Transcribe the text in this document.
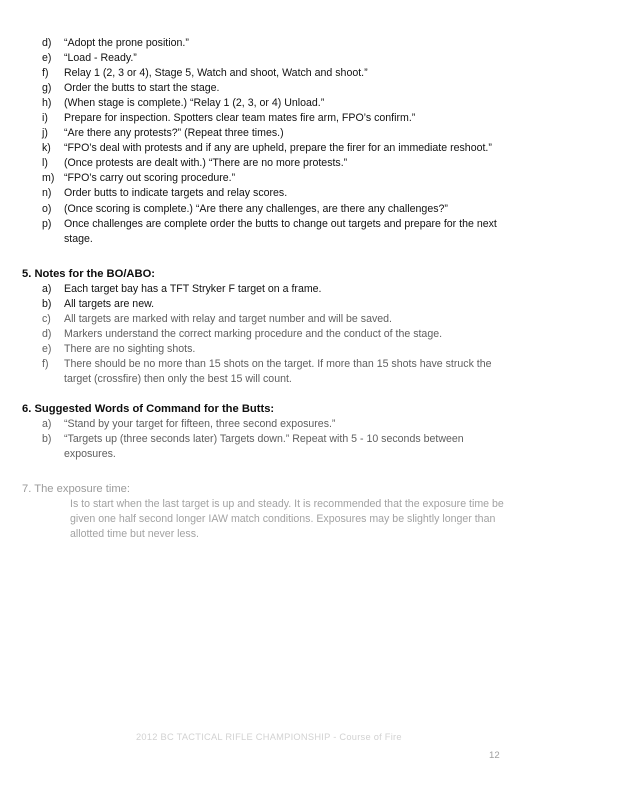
d)	“Adopt the prone position.”
e)	“Load - Ready.”
f)	Relay 1 (2, 3 or 4), Stage 5, Watch and shoot, Watch and shoot.”
g)	Order the butts to start the stage.
h)	(When stage is complete.) “Relay 1 (2, 3, or 4) Unload.”
i)	Prepare for inspection. Spotters clear team mates fire arm, FPO’s confirm.”
j)	“Are there any protests?” (Repeat three times.)
k)	“FPO’s deal with protests and if any are upheld, prepare the firer for an immediate reshoot.”
l)	(Once protests are dealt with.) “There are no more protests.”
m) “FPO’s carry out scoring procedure.”
n)	Order butts to indicate targets and relay scores.
o)	(Once scoring is complete.) “Are there any challenges, are there any challenges?”
p)	Once challenges are complete order the butts to change out targets and prepare for the next stage.
5. Notes for the BO/ABO:
a)	Each target bay has a TFT Stryker F target on a frame.
b)	All targets are new.
c)	All targets are marked with relay and target number and will be saved.
d)	Markers understand the correct marking procedure and the conduct of the stage.
e)	There are no sighting shots.
f)	There should be no more than 15 shots on the target. If more than 15 shots have struck the target (crossfire) then only the best 15 will count.
6. Suggested Words of Command for the Butts:
a)	“Stand by your target for fifteen, three second exposures.”
b)	“Targets up (three seconds later) Targets down.” Repeat with 5 - 10 seconds between exposures.
7. The exposure time:

Is to start when the last target is up and steady. It is recommended that the exposure time be given one half second longer IAW match conditions. Exposures may be slightly longer than allotted time but never less.

2012 BC TACTICAL RIFLE CHAMPIONSHIP - Course of Fire
12
